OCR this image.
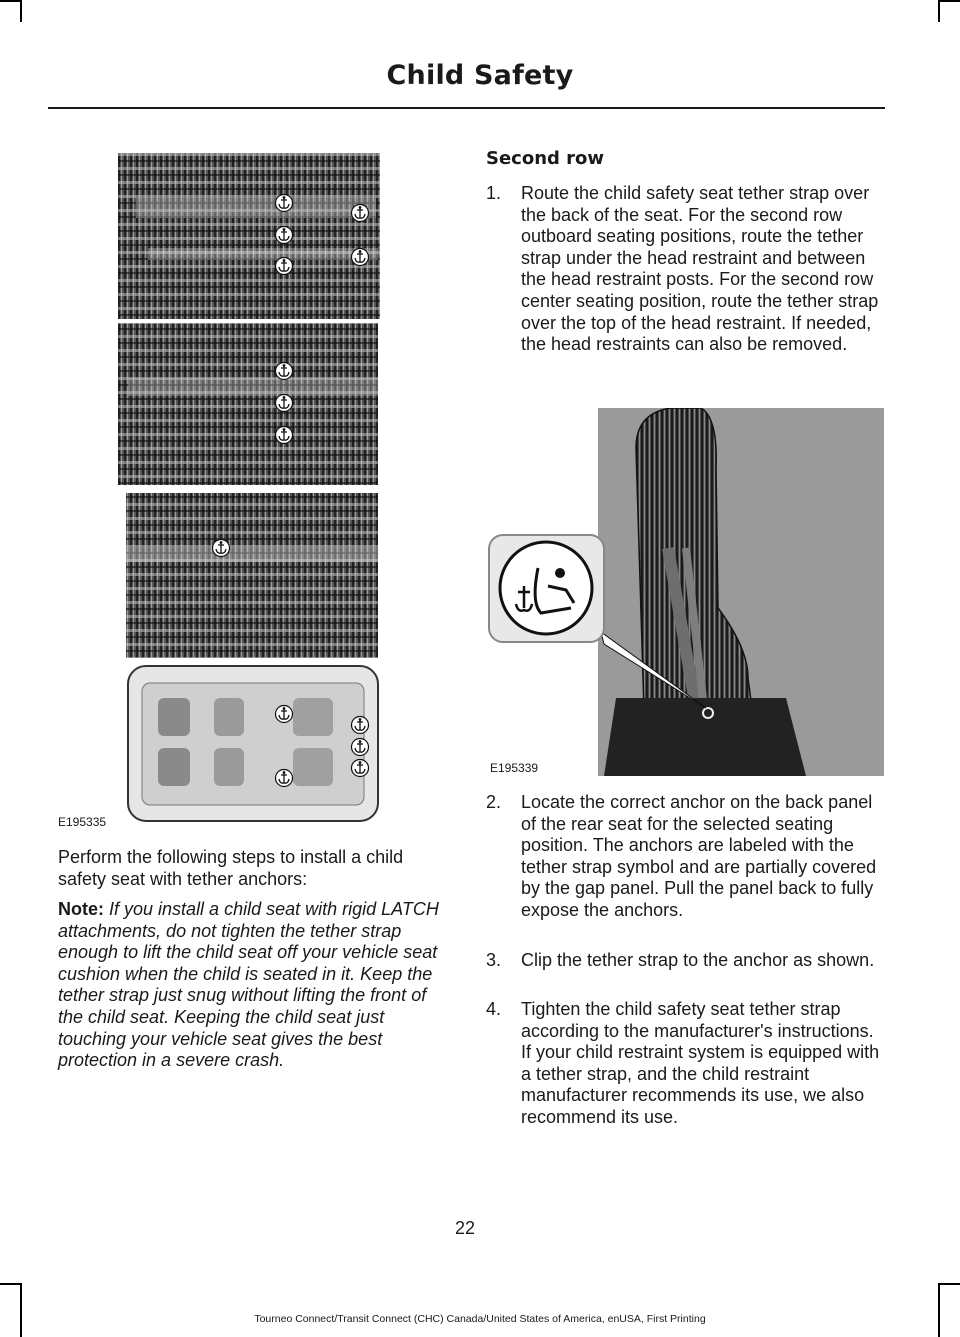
Child Safety
E195335

Perform the following steps to install a child safety seat with tether anchors:

Note: If you install a child seat with rigid LATCH attachments, do not tighten the tether strap enough to lift the child seat off your vehicle seat cushion when the child is seated in it. Keep the tether strap just snug without lifting the front of the child seat. Keeping the child seat just touching your vehicle seat gives the best protection in a severe crash.

Second row
1. Route the child safety seat tether strap over the back of the seat. For the second row outboard seating positions, route the tether strap under the head restraint and between the head restraint posts. For the second row center seating position, route the tether strap over the top of the head restraint. If needed, the head restraints can also be removed.
E195339
2. Locate the correct anchor on the back panel of the rear seat for the selected seating position. The anchors are labeled with the tether strap symbol and are partially covered by the gap panel. Pull the panel back to fully expose the anchors.
3. Clip the tether strap to the anchor as shown.
4. Tighten the child safety seat tether strap according to the manufacturer's instructions. If your child restraint system is equipped with a tether strap, and the child restraint manufacturer recommends its use, we also recommend its use.
22
Tourneo Connect/Transit Connect (CHC) Canada/United States of America, enUSA, First Printing
